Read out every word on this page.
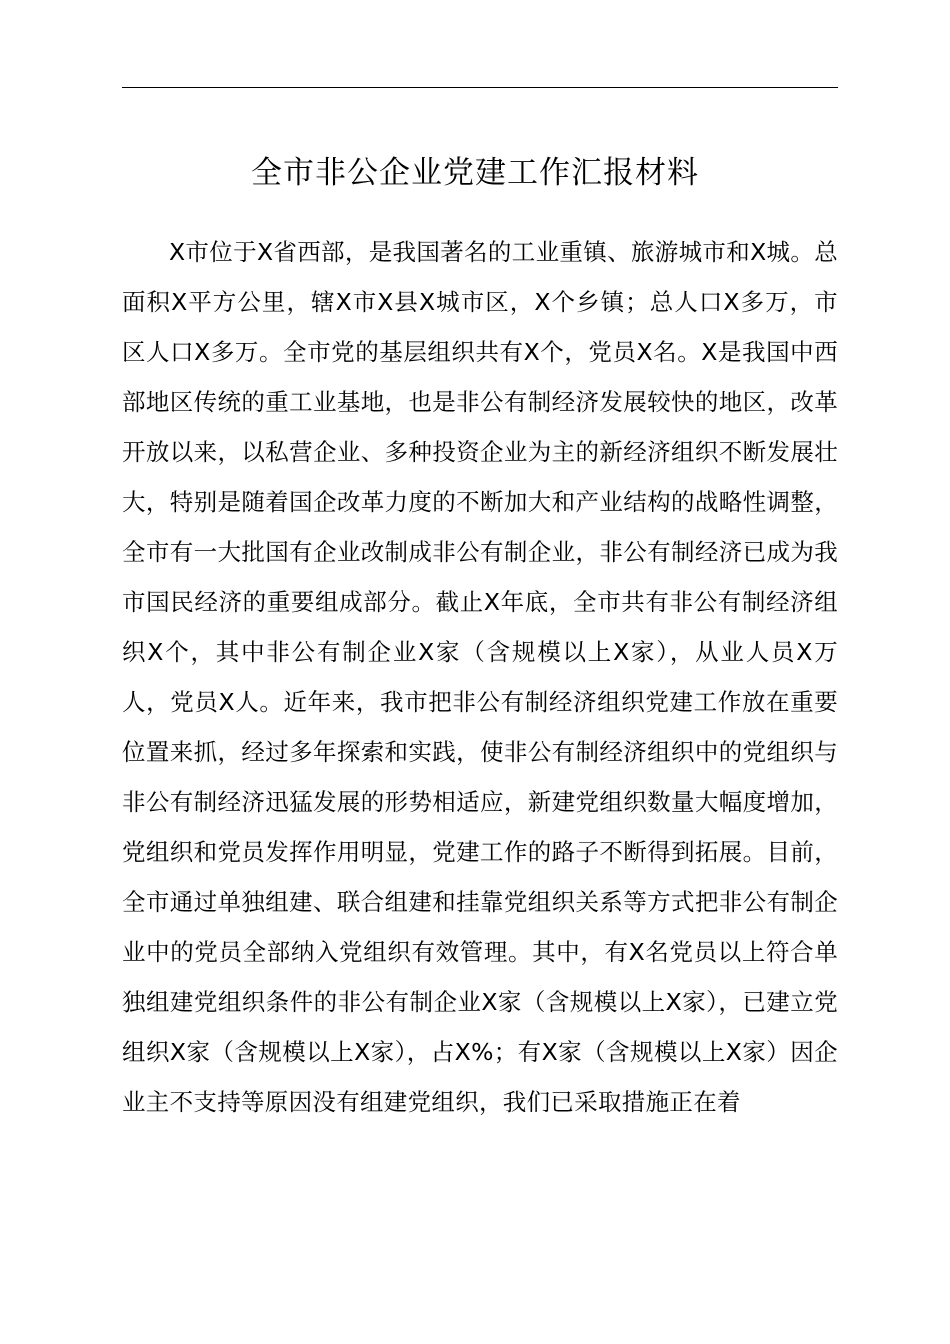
全市非公企业党建工作汇报材料

X市位于X省西部，是我国著名的工业重镇、旅游城市和X城。总面积X平方公里，辖X市X县X城市区，X个乡镇；总人口X多万，市区人口X多万。全市党的基层组织共有X个，党员X名。X是我国中西部地区传统的重工业基地，也是非公有制经济发展较快的地区，改革开放以来，以私营企业、多种投资企业为主的新经济组织不断发展壮大，特别是随着国企改革力度的不断加大和产业结构的战略性调整，全市有一大批国有企业改制成非公有制企业，非公有制经济已成为我市国民经济的重要组成部分。截止X年底，全市共有非公有制经济组织X个，其中非公有制企业X家（含规模以上X家），从业人员X万人，党员X人。近年来，我市把非公有制经济组织党建工作放在重要位置来抓，经过多年探索和实践，使非公有制经济组织中的党组织与非公有制经济迅猛发展的形势相适应，新建党组织数量大幅度增加，党组织和党员发挥作用明显，党建工作的路子不断得到拓展。目前，全市通过单独组建、联合组建和挂靠党组织关系等方式把非公有制企业中的党员全部纳入党组织有效管理。其中，有X名党员以上符合单独组建党组织条件的非公有制企业X家（含规模以上X家），已建立党组织X家（含规模以上X家），占X%；有X家（含规模以上X家）因企业主不支持等原因没有组建党组织，我们已采取措施正在着
